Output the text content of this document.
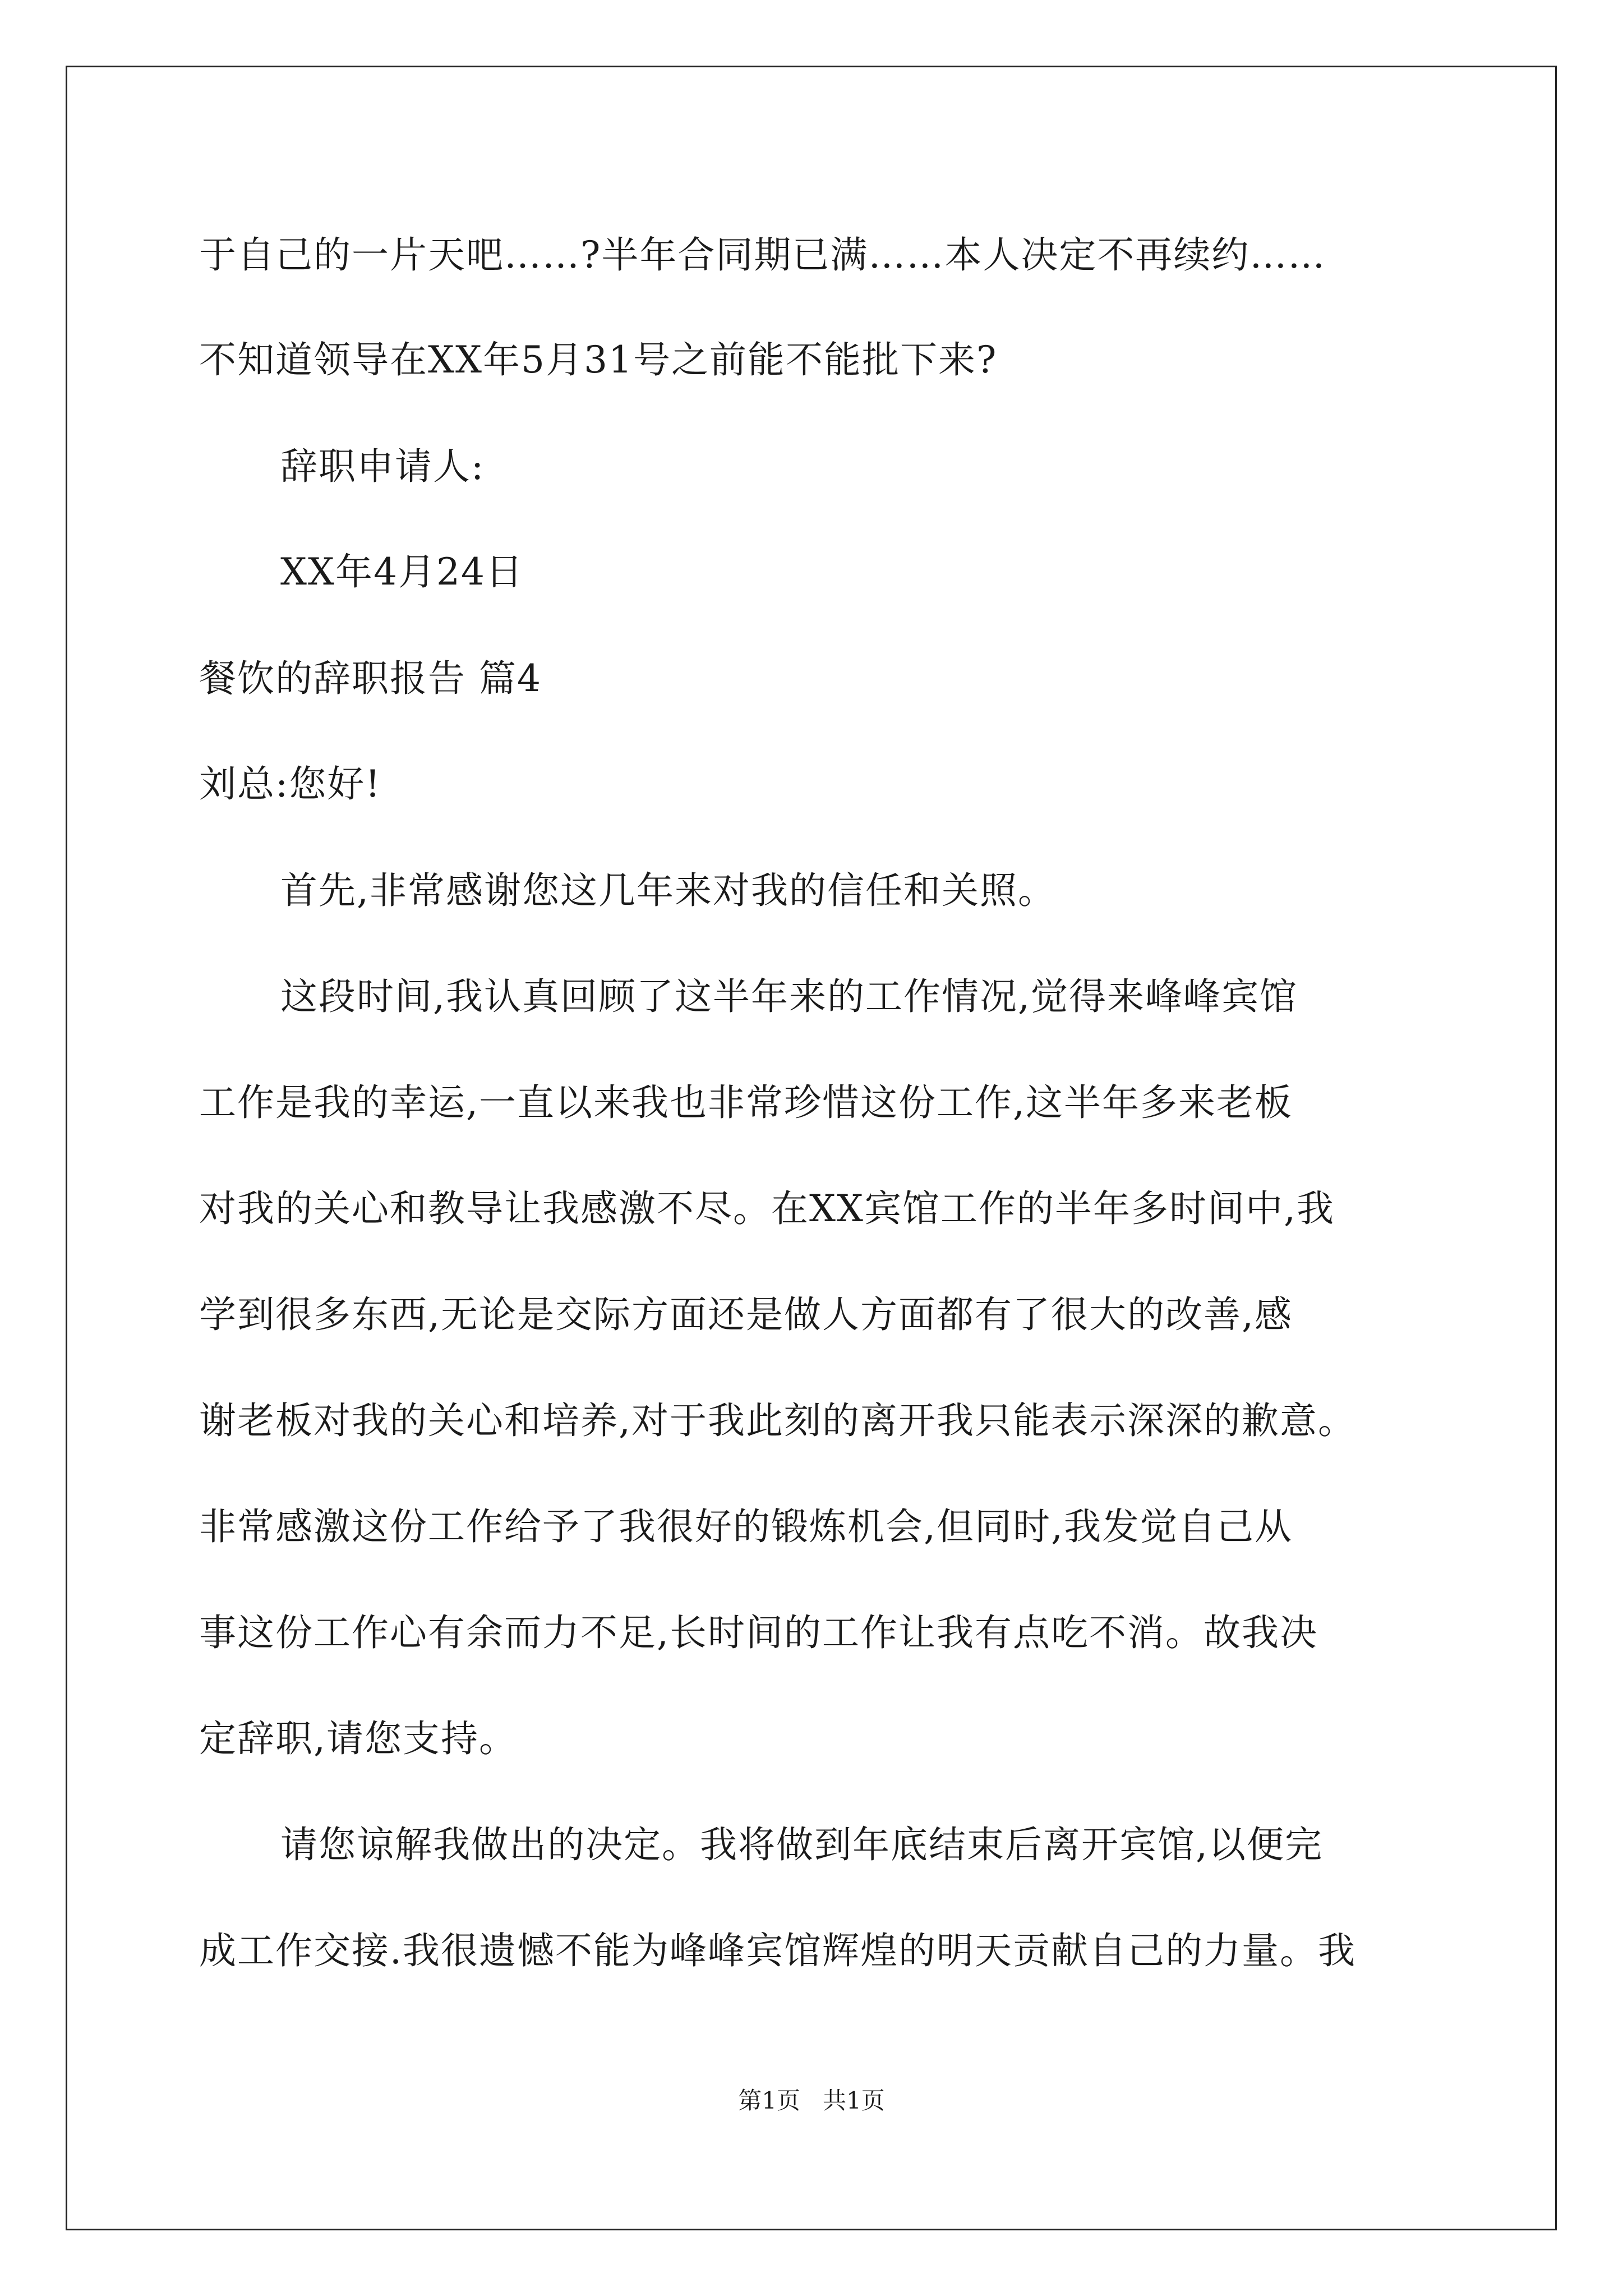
于自己的一片天吧……?半年合同期已满……本人决定不再续约……
不知道领导在XX年5月31号之前能不能批下来?
辞职申请人:
XX年4月24日
餐饮的辞职报告 篇4
刘总:您好!
首先,非常感谢您这几年来对我的信任和关照。
这段时间,我认真回顾了这半年来的工作情况,觉得来峰峰宾馆
工作是我的幸运,一直以来我也非常珍惜这份工作,这半年多来老板
对我的关心和教导让我感激不尽。在XX宾馆工作的半年多时间中,我
学到很多东西,无论是交际方面还是做人方面都有了很大的改善,感
谢老板对我的关心和培养,对于我此刻的离开我只能表示深深的歉意。
非常感激这份工作给予了我很好的锻炼机会,但同时,我发觉自己从
事这份工作心有余而力不足,长时间的工作让我有点吃不消。故我决
定辞职,请您支持。
请您谅解我做出的决定。我将做到年底结束后离开宾馆,以便完
成工作交接.我很遗憾不能为峰峰宾馆辉煌的明天贡献自己的力量。我
第1页   共1页
